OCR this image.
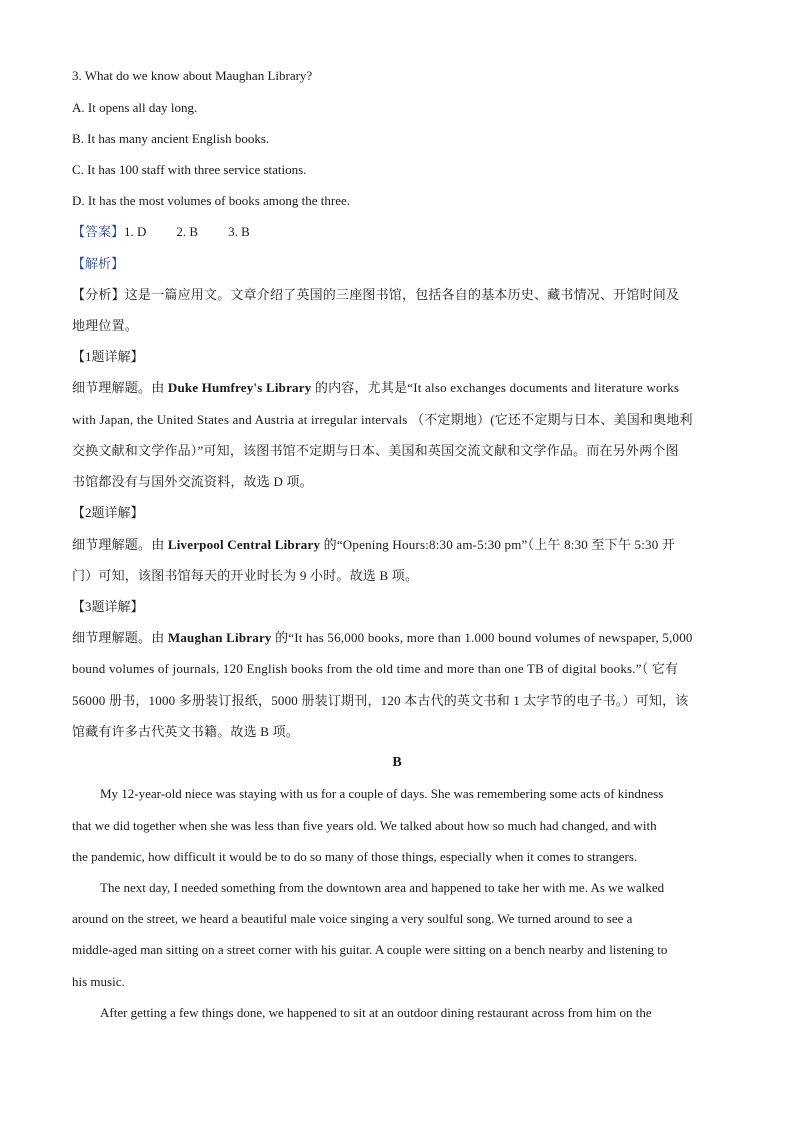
3. What do we know about Maughan Library?
A. It opens all day long.
B. It has many ancient English books.
C. It has 100 staff with three service stations.
D. It has the most volumes of books among the three.
【答案】1. D 2. B 3. B
【解析】
【分析】这是一篇应用文。文章介绍了英国的三座图书馆，包括各自的基本历史、藏书情况、开馆时间及
地理位置。
【1题详解】
细节理解题。由 Duke Humfrey's Library 的内容，尤其是“It also exchanges documents and literature works
with Japan, the United States and Austria at irregular intervals （不定期地）(它还不定期与日本、美国和奥地利
交换文献和文学作品）”可知，该图书馆不定期与日本、美国和英国交流文献和文学作品。而在另外两个图
书馆都没有与国外交流资料，故选 D 项。
【2题详解】
细节理解题。由 Liverpool Central Library 的“Opening Hours:8:30 am-5:30 pm”（上午 8:30 至下午 5:30 开
门）可知，该图书馆每天的开业时长为 9 小时。故选 B 项。
【3题详解】
细节理解题。由 Maughan Library 的“It has 56,000 books, more than 1.000 bound volumes of newspaper, 5,000
bound volumes of journals, 120 English books from the old time and more than one TB of digital books.”（ 它有
56000 册书，1000 多册装订报纸，5000 册装订期刊，120 本古代的英文书和 1 太字节的电子书。）可知，该
馆藏有许多古代英文书籍。故选 B 项。
B
My 12-year-old niece was staying with us for a couple of days. She was remembering some acts of kindness
that we did together when she was less than five years old. We talked about how so much had changed, and with
the pandemic, how difficult it would be to do so many of those things, especially when it comes to strangers.
The next day, I needed something from the downtown area and happened to take her with me. As we walked
around on the street, we heard a beautiful male voice singing a very soulful song. We turned around to see a
middle-aged man sitting on a street corner with his guitar. A couple were sitting on a bench nearby and listening to
his music.
After getting a few things done, we happened to sit at an outdoor dining restaurant across from him on the
